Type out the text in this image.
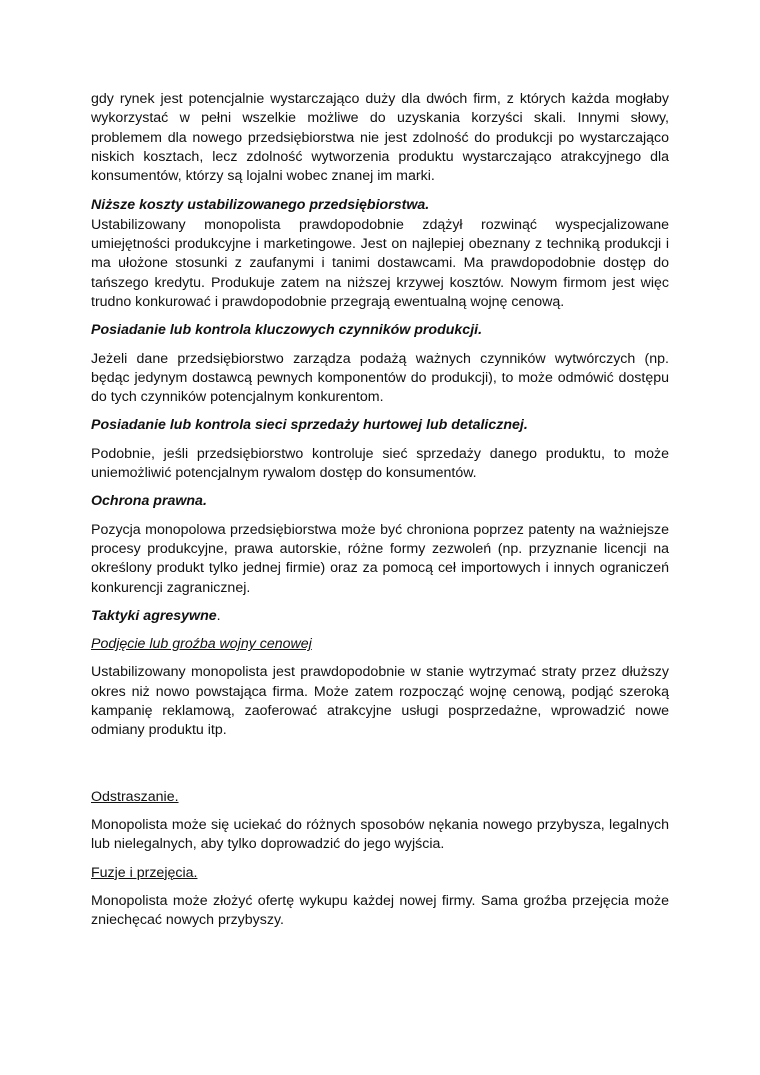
gdy rynek jest potencjalnie wystarczająco duży dla dwóch firm, z których każda mogłaby wykorzystać w pełni wszelkie możliwe do uzyskania korzyści skali. Innymi słowy, problemem dla nowego przedsiębiorstwa nie jest zdolność do produkcji po wystarczająco niskich kosztach, lecz zdolność wytworzenia produktu wystarczająco atrakcyjnego dla konsumentów, którzy są lojalni wobec znanej im marki.

Niższe koszty ustabilizowanego przedsiębiorstwa.

Ustabilizowany monopolista prawdopodobnie zdążył rozwinąć wyspecjalizowane umiejętności produkcyjne i marketingowe. Jest on najlepiej obeznany z techniką produkcji i ma ułożone stosunki z zaufanymi i tanimi dostawcami. Ma prawdopodobnie dostęp do tańszego kredytu. Produkuje zatem na niższej krzywej kosztów. Nowym firmom jest więc trudno konkurować i prawdopodobnie przegrają ewentualną wojnę cenową.

Posiadanie lub kontrola kluczowych czynników produkcji.

Jeżeli dane przedsiębiorstwo zarządza podażą ważnych czynników wytwórczych (np. będąc jedynym dostawcą pewnych komponentów do produkcji), to może odmówić dostępu do tych czynników potencjalnym konkurentom.

Posiadanie lub kontrola sieci sprzedaży hurtowej lub detalicznej.

Podobnie, jeśli przedsiębiorstwo kontroluje sieć sprzedaży danego produktu, to może uniemożliwić potencjalnym rywalom dostęp do konsumentów.

Ochrona prawna.

Pozycja monopolowa przedsiębiorstwa może być chroniona poprzez patenty na ważniejsze procesy produkcyjne, prawa autorskie, różne formy zezwoleń (np. przyznanie licencji na określony produkt tylko jednej firmie) oraz za pomocą ceł importowych i innych ograniczeń konkurencji zagranicznej.

Taktyki agresywne.

Podjęcie lub groźba wojny cenowej

Ustabilizowany monopolista jest prawdopodobnie w stanie wytrzymać straty przez dłuższy okres niż nowo powstająca firma. Może zatem rozpocząć wojnę cenową, podjąć szeroką kampanię reklamową, zaoferować atrakcyjne usługi posprzedażne, wprowadzić nowe odmiany produktu itp.

Odstraszanie.

Monopolista może się uciekać do różnych sposobów nękania nowego przybysza, legalnych lub nielegalnych, aby tylko doprowadzić do jego wyjścia.

Fuzje i przejęcia.

Monopolista może złożyć ofertę wykupu każdej nowej firmy. Sama groźba przejęcia może zniechęcać nowych przybyszy.
